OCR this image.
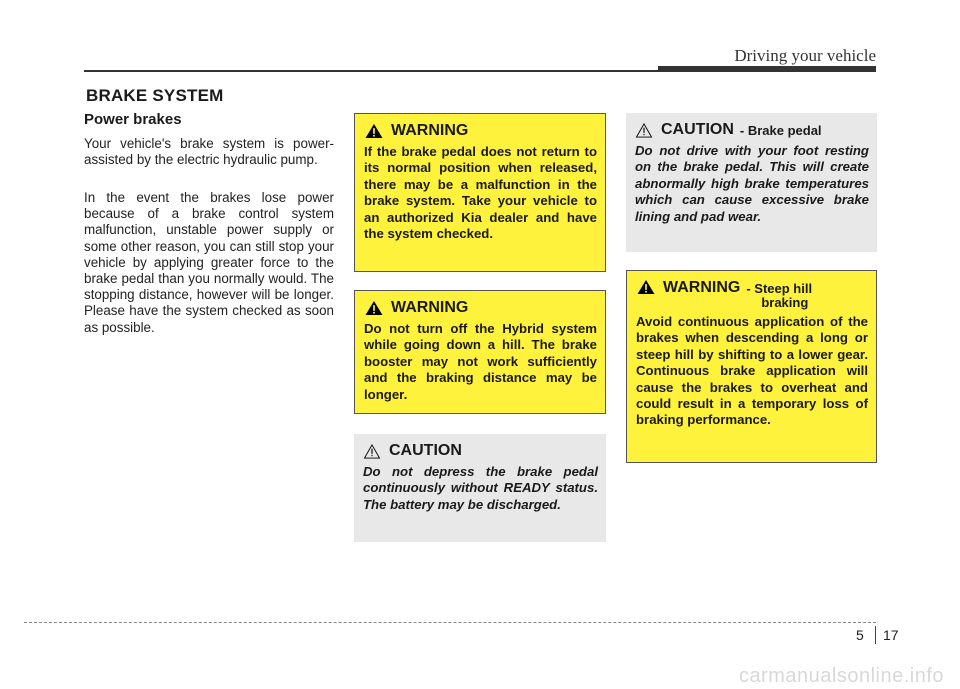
Driving your vehicle
BRAKE SYSTEM
Power brakes

Your vehicle's brake system is power-assisted by the electric hydraulic pump.

In the event the brakes lose power because of a brake control system malfunction, unstable power supply or some other reason, you can still stop your vehicle by applying greater force to the brake pedal than you normally would. The stopping distance, however will be longer. Please have the system checked as soon as possible.

WARNING
If the brake pedal does not return to its normal position when released, there may be a malfunction in the brake system. Take your vehicle to an authorized Kia dealer and have the system checked.
WARNING
Do not turn off the Hybrid system while going down a hill. The brake booster may not work sufficiently and the braking distance may be longer.
CAUTION
Do not depress the brake pedal continuously without READY status. The battery may be discharged.
CAUTION - Brake pedal
Do not drive with your foot resting on the brake pedal. This will create abnormally high brake temperatures which can cause excessive brake lining and pad wear.
WARNING - Steep hill
braking
Avoid continuous application of the brakes when descending a long or steep hill by shifting to a lower gear. Continuous brake application will cause the brakes to overheat and could result in a temporary loss of braking performance.
5 17
carmanualsonline.info
